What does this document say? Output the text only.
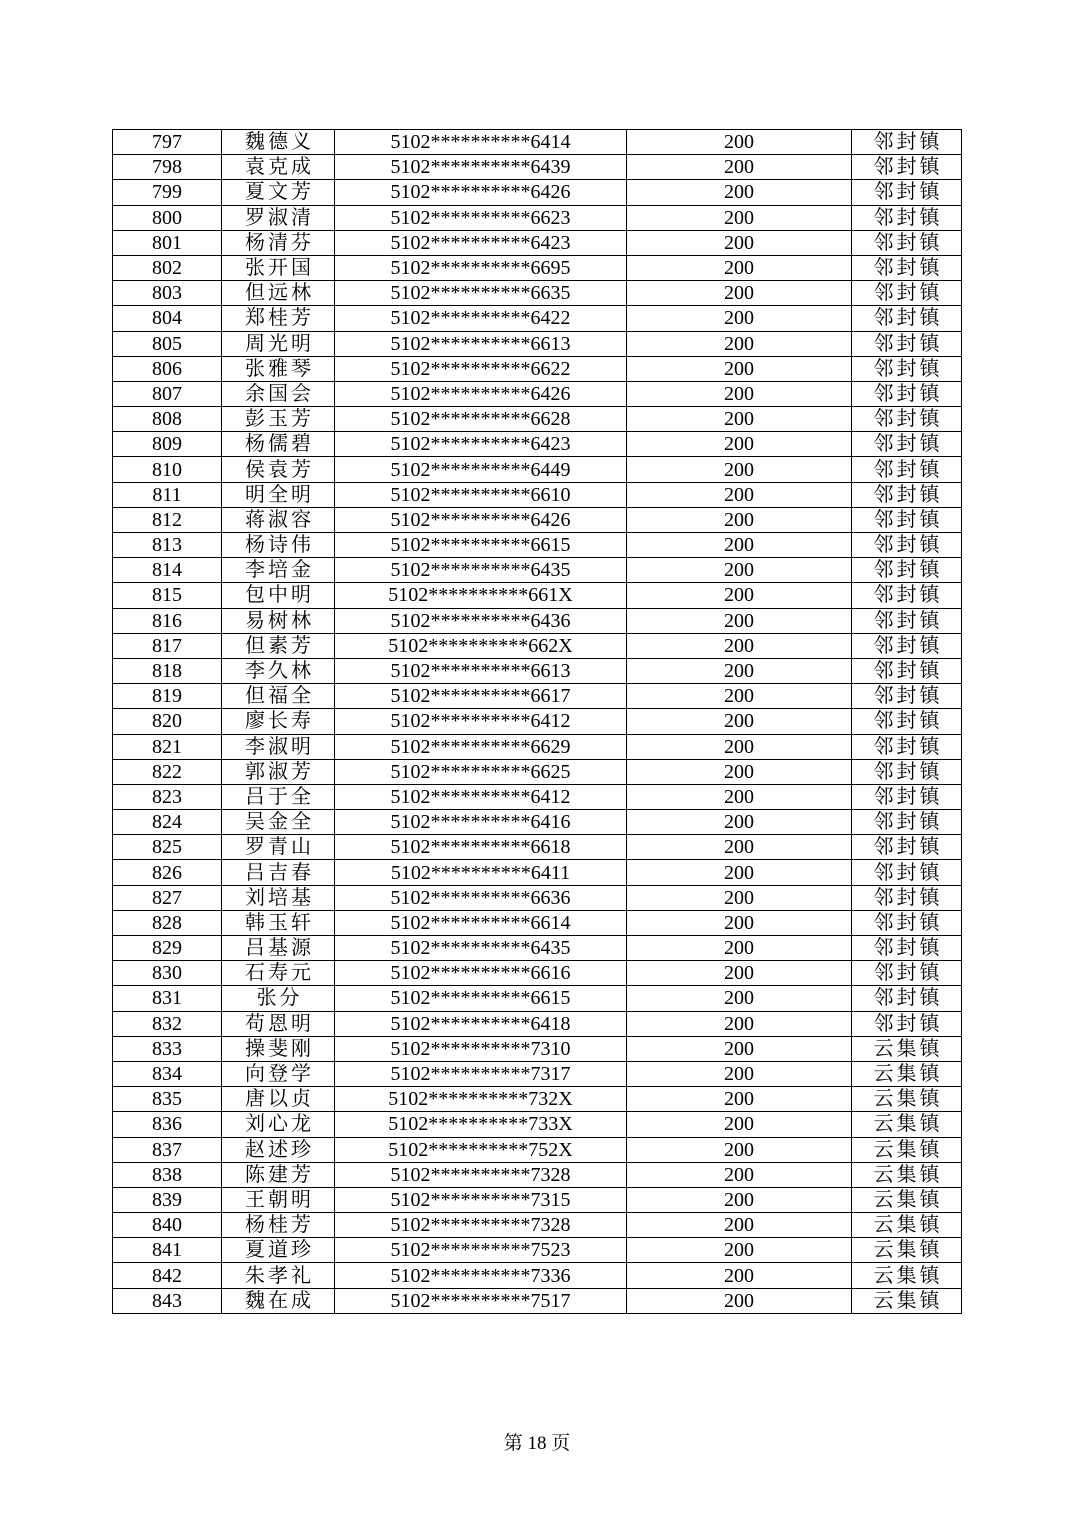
797	魏德义	5102**********6414	200	邻封镇
798	袁克成	5102**********6439	200	邻封镇
799	夏文芳	5102**********6426	200	邻封镇
800	罗淑清	5102**********6623	200	邻封镇
801	杨清芬	5102**********6423	200	邻封镇
802	张开国	5102**********6695	200	邻封镇
803	但远林	5102**********6635	200	邻封镇
804	郑桂芳	5102**********6422	200	邻封镇
805	周光明	5102**********6613	200	邻封镇
806	张雅琴	5102**********6622	200	邻封镇
807	余国会	5102**********6426	200	邻封镇
808	彭玉芳	5102**********6628	200	邻封镇
809	杨儒碧	5102**********6423	200	邻封镇
810	侯袁芳	5102**********6449	200	邻封镇
811	明全明	5102**********6610	200	邻封镇
812	蒋淑容	5102**********6426	200	邻封镇
813	杨诗伟	5102**********6615	200	邻封镇
814	李培金	5102**********6435	200	邻封镇
815	包中明	5102**********661X	200	邻封镇
816	易树林	5102**********6436	200	邻封镇
817	但素芳	5102**********662X	200	邻封镇
818	李久林	5102**********6613	200	邻封镇
819	但福全	5102**********6617	200	邻封镇
820	廖长寿	5102**********6412	200	邻封镇
821	李淑明	5102**********6629	200	邻封镇
822	郭淑芳	5102**********6625	200	邻封镇
823	吕于全	5102**********6412	200	邻封镇
824	吴金全	5102**********6416	200	邻封镇
825	罗青山	5102**********6618	200	邻封镇
826	吕吉春	5102**********6411	200	邻封镇
827	刘培基	5102**********6636	200	邻封镇
828	韩玉轩	5102**********6614	200	邻封镇
829	吕基源	5102**********6435	200	邻封镇
830	石寿元	5102**********6616	200	邻封镇
831	张分	5102**********6615	200	邻封镇
832	苟恩明	5102**********6418	200	邻封镇
833	操斐刚	5102**********7310	200	云集镇
834	向登学	5102**********7317	200	云集镇
835	唐以贞	5102**********732X	200	云集镇
836	刘心龙	5102**********733X	200	云集镇
837	赵述珍	5102**********752X	200	云集镇
838	陈建芳	5102**********7328	200	云集镇
839	王朝明	5102**********7315	200	云集镇
840	杨桂芳	5102**********7328	200	云集镇
841	夏道珍	5102**********7523	200	云集镇
842	朱孝礼	5102**********7336	200	云集镇
843	魏在成	5102**********7517	200	云集镇
第 18 页
